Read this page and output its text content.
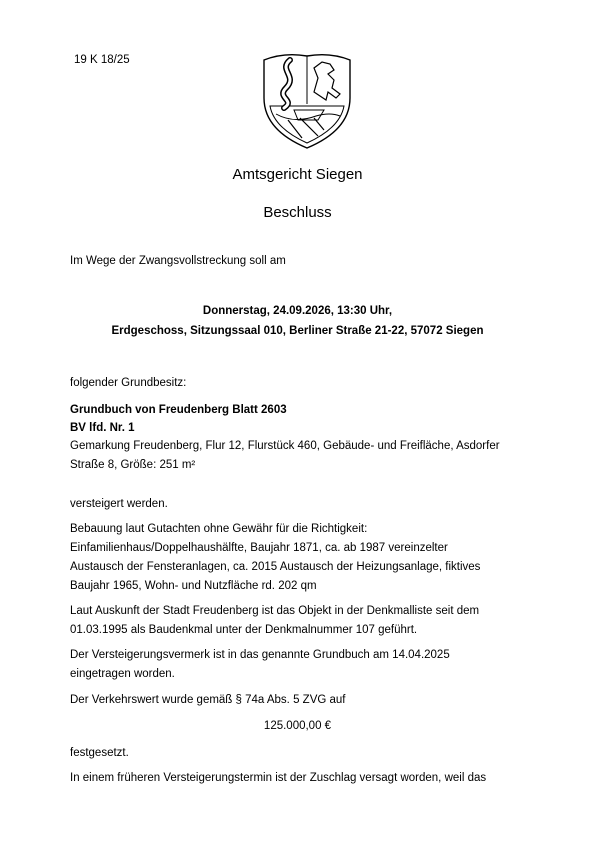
19 K 18/25
Amtsgericht Siegen
Beschluss
Im Wege der Zwangsvollstreckung soll am
Donnerstag, 24.09.2026, 13:30 Uhr,
Erdgeschoss, Sitzungssaal 010, Berliner Straße 21-22, 57072 Siegen
folgender Grundbesitz:
Grundbuch von Freudenberg Blatt 2603
BV lfd. Nr. 1
Gemarkung Freudenberg, Flur 12, Flurstück 460, Gebäude- und Freifläche, Asdorfer
Straße 8, Größe: 251 m²
versteigert werden.
Bebauung laut Gutachten ohne Gewähr für die Richtigkeit:
Einfamilienhaus/Doppelhaushälfte, Baujahr 1871, ca. ab 1987 vereinzelter
Austausch der Fensteranlagen, ca. 2015 Austausch der Heizungsanlage, fiktives
Baujahr 1965, Wohn- und Nutzfläche rd. 202 qm
Laut Auskunft der Stadt Freudenberg ist das Objekt in der Denkmalliste seit dem
01.03.1995 als Baudenkmal unter der Denkmalnummer 107 geführt.
Der Versteigerungsvermerk ist in das genannte Grundbuch am 14.04.2025
eingetragen worden.
Der Verkehrswert wurde gemäß § 74a Abs. 5 ZVG auf
125.000,00 €
festgesetzt.
In einem früheren Versteigerungstermin ist der Zuschlag versagt worden, weil das
